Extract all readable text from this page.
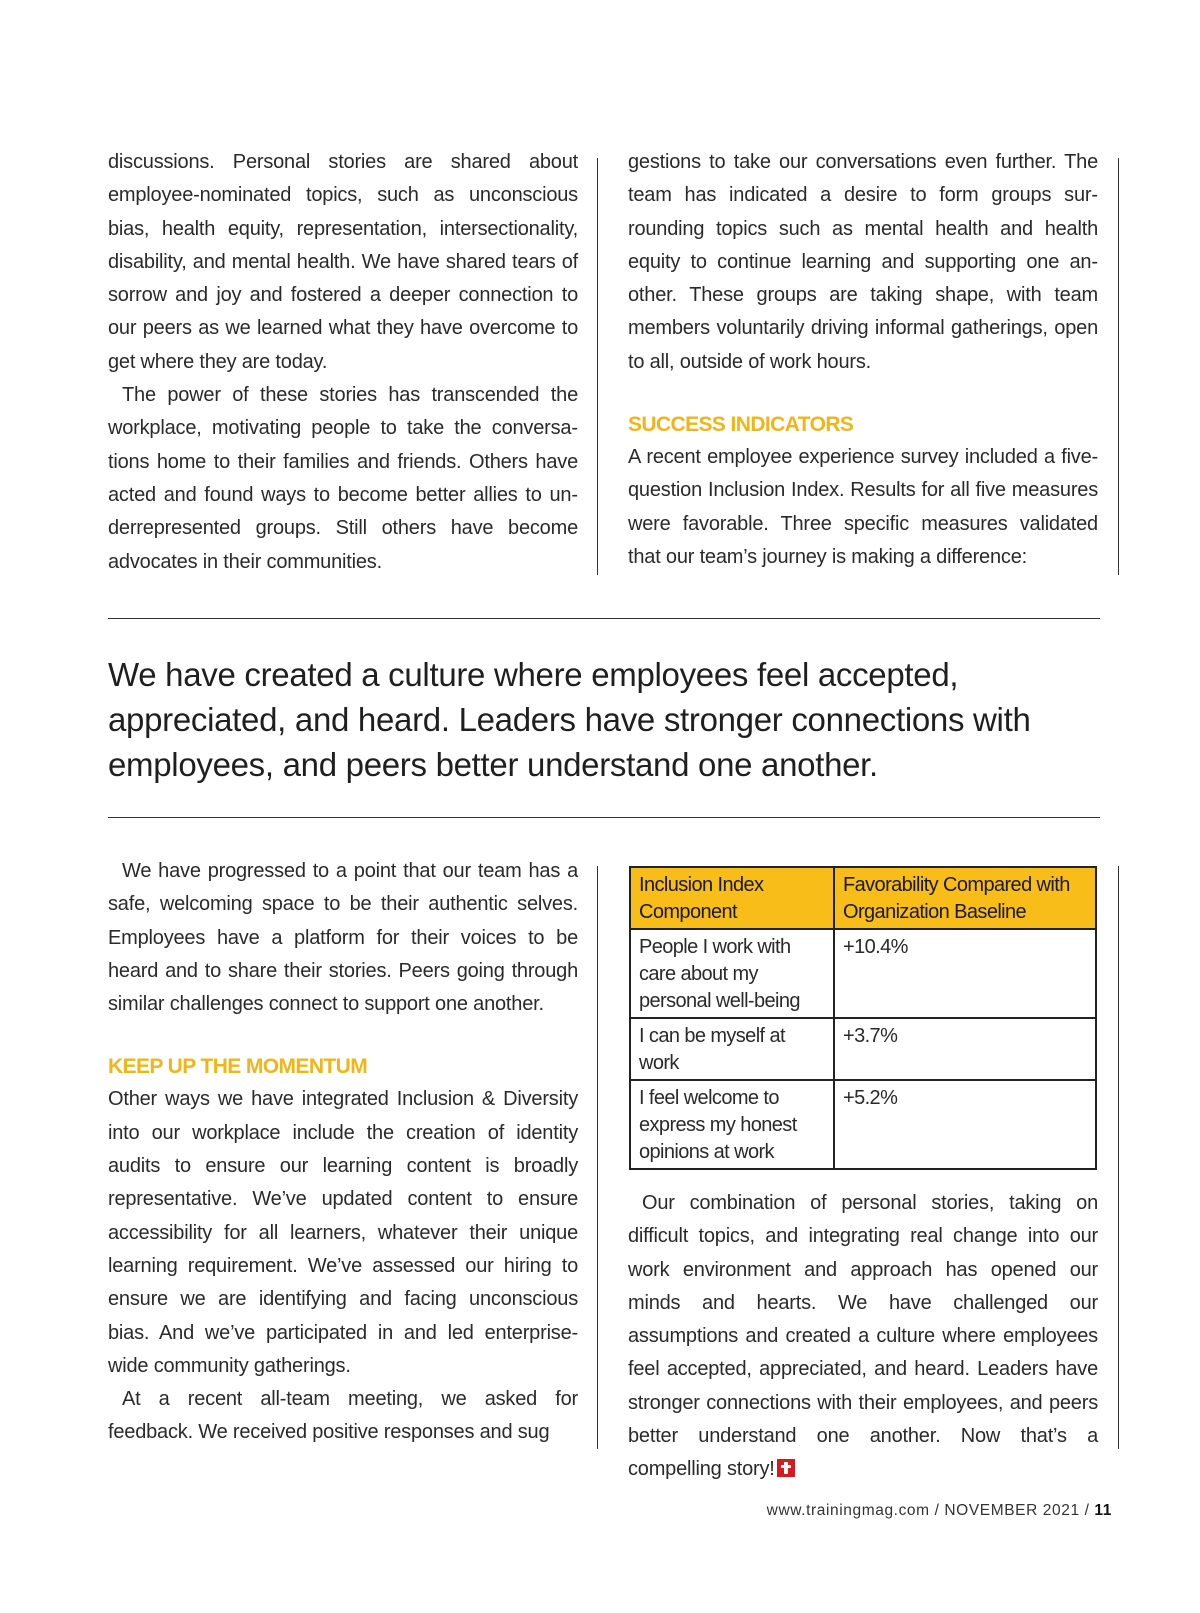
discussions. Personal stories are shared about employee-nominated topics, such as unconscious bias, health equity, representation, intersectionality, disability, and mental health. We have shared tears of sorrow and joy and fostered a deeper connection to our peers as we learned what they have overcome to get where they are today.

The power of these stories has transcended the workplace, motivating people to take the conversations home to their families and friends. Others have acted and found ways to become better allies to underrepresented groups. Still others have become advocates in their communities.

gestions to take our conversations even further. The team has indicated a desire to form groups surrounding topics such as mental health and health equity to continue learning and supporting one another. These groups are taking shape, with team members voluntarily driving informal gatherings, open to all, outside of work hours.

SUCCESS INDICATORS

A recent employee experience survey included a five-question Inclusion Index. Results for all five measures were favorable. Three specific measures validated that our team’s journey is making a difference:

We have created a culture where employees feel accepted, appreciated, and heard. Leaders have stronger connections with employees, and peers better understand one another.

We have progressed to a point that our team has a safe, welcoming space to be their authentic selves. Employees have a platform for their voices to be heard and to share their stories. Peers going through similar challenges connect to support one another.

KEEP UP THE MOMENTUM

Other ways we have integrated Inclusion & Diversity into our workplace include the creation of identity audits to ensure our learning content is broadly representative. We’ve updated content to ensure accessibility for all learners, whatever their unique learning requirement. We’ve assessed our hiring to ensure we are identifying and facing unconscious bias. And we’ve participated in and led enterprise-wide community gatherings.

At a recent all-team meeting, we asked for feedback. We received positive responses and sug

Inclusion Index Component	Favorability Compared with Organization Baseline
People I work with care about my personal well-being	+10.4%
I can be myself at work	+3.7%
I feel welcome to express my honest opinions at work	+5.2%

Our combination of personal stories, taking on difficult topics, and integrating real change into our work environment and approach has opened our minds and hearts. We have challenged our assumptions and created a culture where employees feel accepted, appreciated, and heard. Leaders have stronger connections with their employees, and peers better understand one another. Now that’s a compelling story!

www.trainingmag.com / NOVEMBER 2021 / 11
